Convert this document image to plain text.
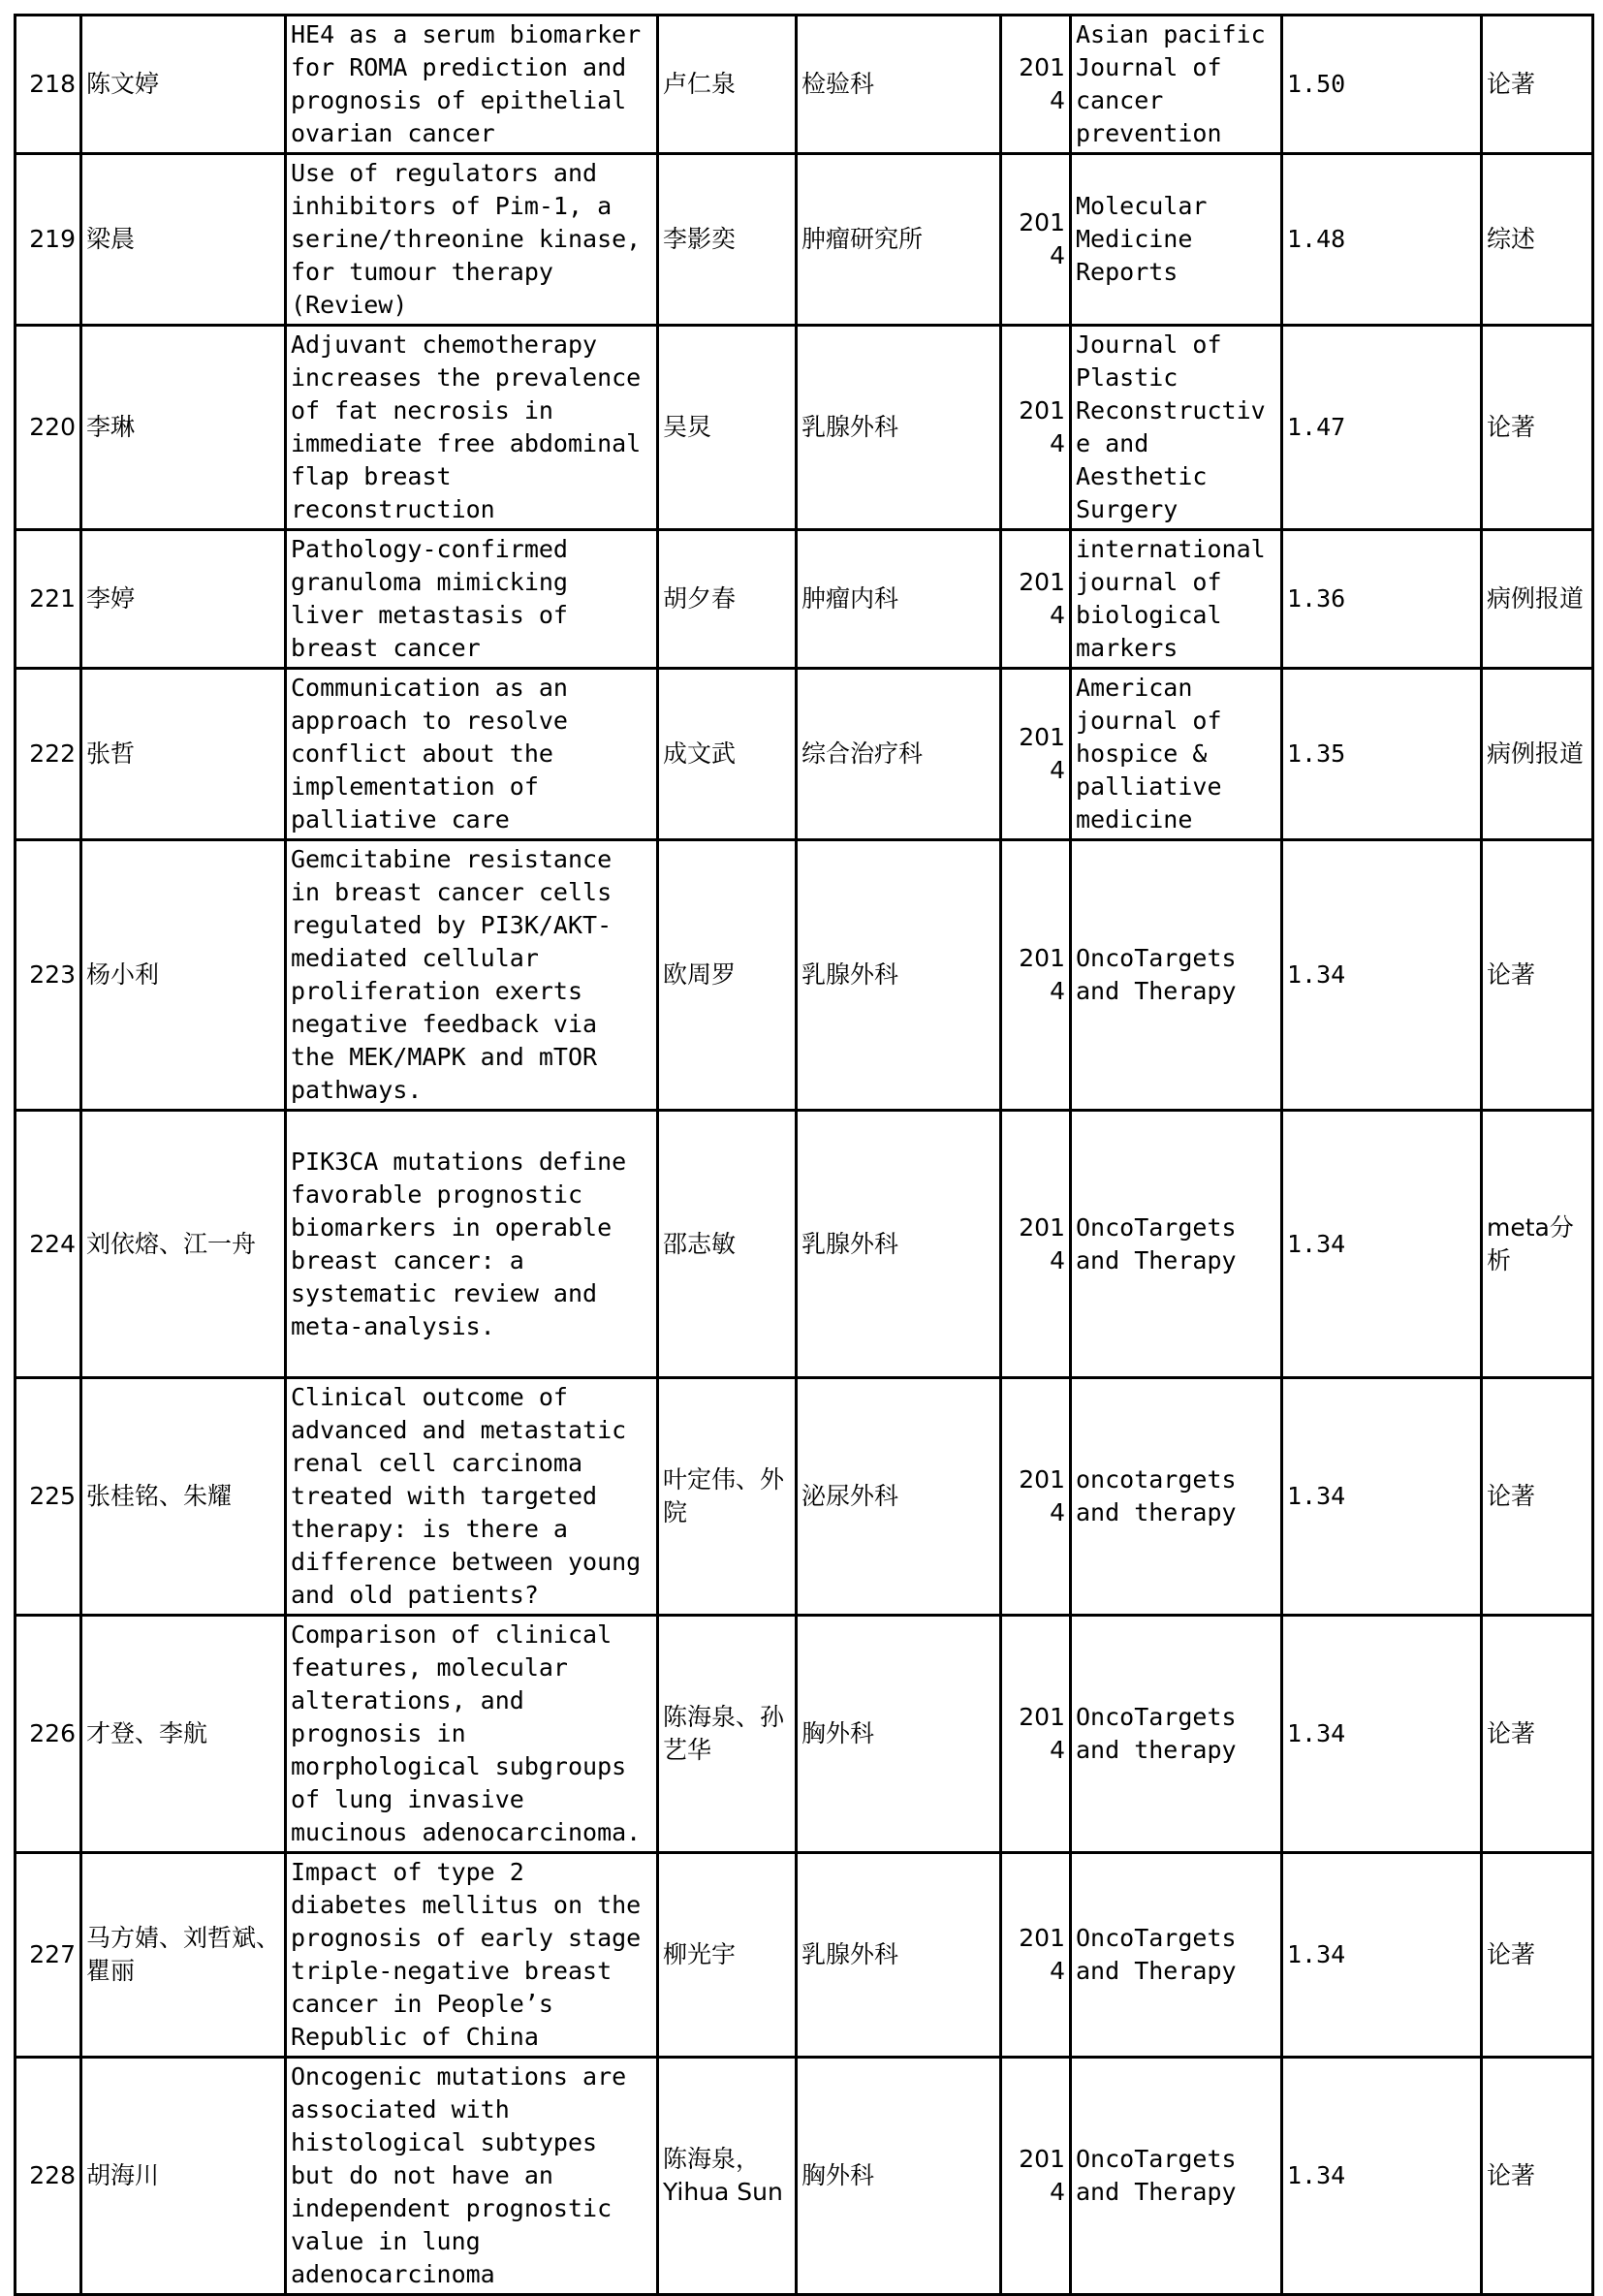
218	陈文婷	HE4 as a serum biomarker for ROMA prediction and prognosis of epithelial ovarian cancer	卢仁泉	检验科	2014	Asian pacific Journal of cancer prevention	1.50	论著
219	梁晨	Use of regulators and inhibitors of Pim-1, a serine/threonine kinase, for tumour therapy (Review)	李影奕	肿瘤研究所	2014	Molecular Medicine Reports	1.48	综述
220	李琳	Adjuvant chemotherapy increases the prevalence of fat necrosis in immediate free abdominal flap breast reconstruction	吴炅	乳腺外科	2014	Journal of Plastic Reconstructive and Aesthetic Surgery	1.47	论著
221	李婷	Pathology-confirmed granuloma mimicking liver metastasis of breast cancer	胡夕春	肿瘤内科	2014	international journal of biological markers	1.36	病例报道
222	张哲	Communication as an approach to resolve conflict about the implementation of palliative care	成文武	综合治疗科	2014	American journal of hospice & palliative medicine	1.35	病例报道
223	杨小利	Gemcitabine resistance in breast cancer cells regulated by PI3K/AKT-mediated cellular proliferation exerts negative feedback via the MEK/MAPK and mTOR pathways.	欧周罗	乳腺外科	2014	OncoTargets and Therapy	1.34	论著
224	刘依熔、江一舟	PIK3CA mutations define favorable prognostic biomarkers in operable breast cancer: a systematic review and meta-analysis.	邵志敏	乳腺外科	2014	OncoTargets and Therapy	1.34	meta分析
225	张桂铭、朱耀	Clinical outcome of advanced and metastatic renal cell carcinoma treated with targeted therapy: is there a difference between young and old patients?	叶定伟、外院	泌尿外科	2014	oncotargets and therapy	1.34	论著
226	才登、李航	Comparison of clinical features, molecular alterations, and prognosis in morphological subgroups of lung invasive mucinous adenocarcinoma.	陈海泉、孙艺华	胸外科	2014	OncoTargets and therapy	1.34	论著
227	马方婧、刘哲斌、瞿丽	Impact of type 2 diabetes mellitus on the prognosis of early stage triple-negative breast cancer in People’s Republic of China	柳光宇	乳腺外科	2014	OncoTargets and Therapy	1.34	论著
228	胡海川	Oncogenic mutations are associated with histological subtypes but do not have an independent prognostic value in lung adenocarcinoma	陈海泉，Yihua Sun	胸外科	2014	OncoTargets and Therapy	1.34	论著
